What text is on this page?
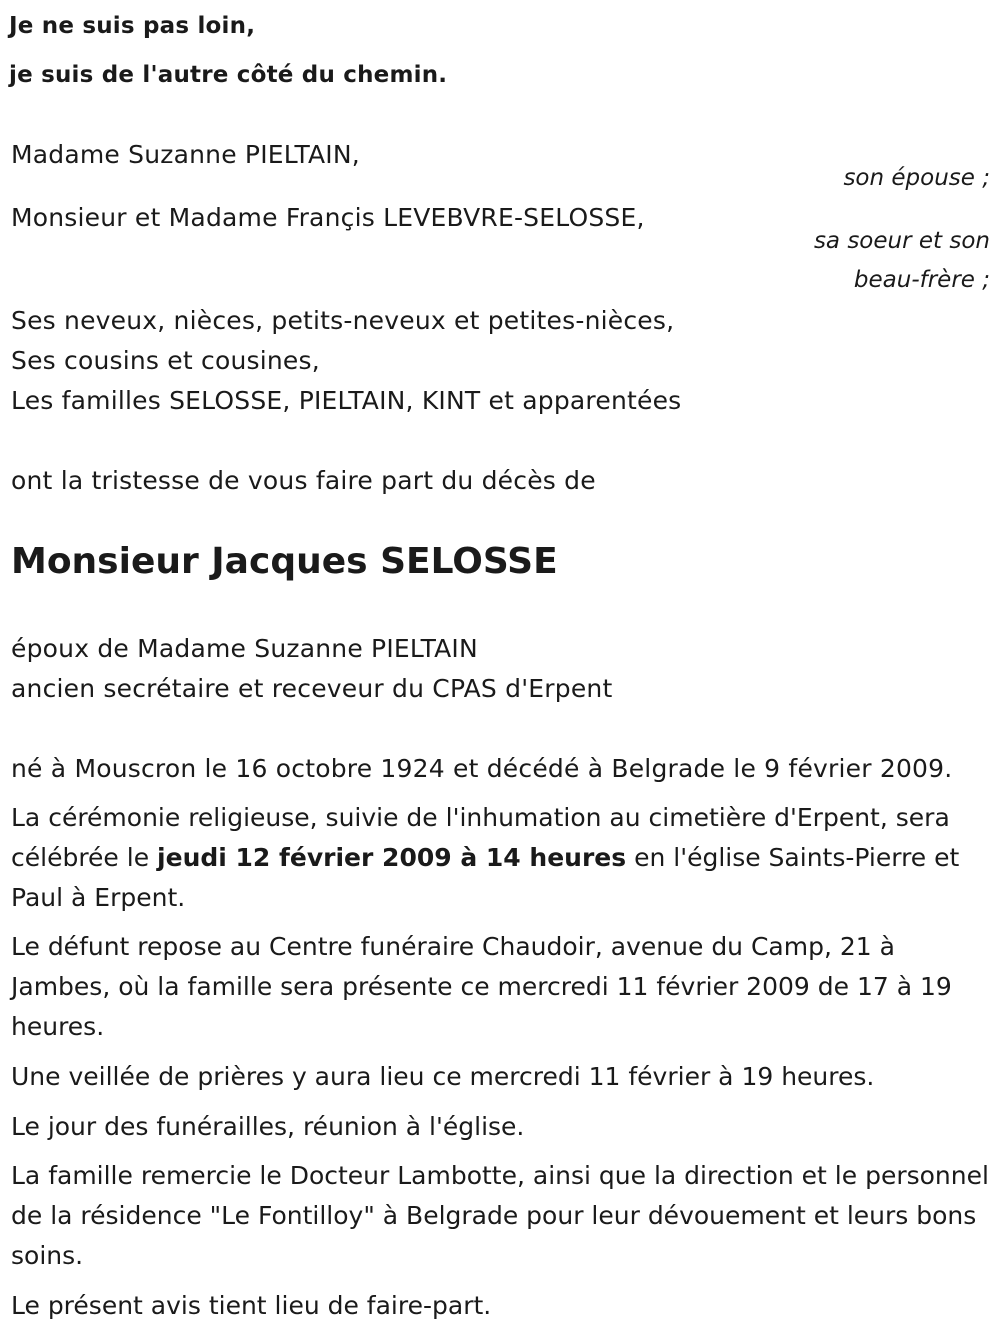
Je ne suis pas loin,
je suis de l'autre côté du chemin.
Madame Suzanne PIELTAIN,
son épouse ;
Monsieur et Madame Françis LEVEBVRE-SELOSSE,
sa soeur et son
beau-frère ;
Ses neveux, nièces, petits-neveux et petites-nièces,
Ses cousins et cousines,
Les familles SELOSSE, PIELTAIN, KINT et apparentées
ont la tristesse de vous faire part du décès de
Monsieur Jacques SELOSSE
époux de Madame Suzanne PIELTAIN
ancien secrétaire et receveur du CPAS d'Erpent
né à Mouscron le 16 octobre 1924 et décédé à Belgrade le 9 février 2009.
La cérémonie religieuse, suivie de l'inhumation au cimetière d'Erpent, sera célébrée le jeudi 12 février 2009 à 14 heures en l'église Saints-Pierre et Paul à Erpent.
Le défunt repose au Centre funéraire Chaudoir, avenue du Camp, 21 à Jambes, où la famille sera présente ce mercredi 11 février 2009 de 17 à 19 heures.
Une veillée de prières y aura lieu ce mercredi 11 février à 19 heures.
Le jour des funérailles, réunion à l'église.
La famille remercie le Docteur Lambotte, ainsi que la direction et le personnel de la résidence "Le Fontilloy" à Belgrade pour leur dévouement et leurs bons soins.
Le présent avis tient lieu de faire-part.
